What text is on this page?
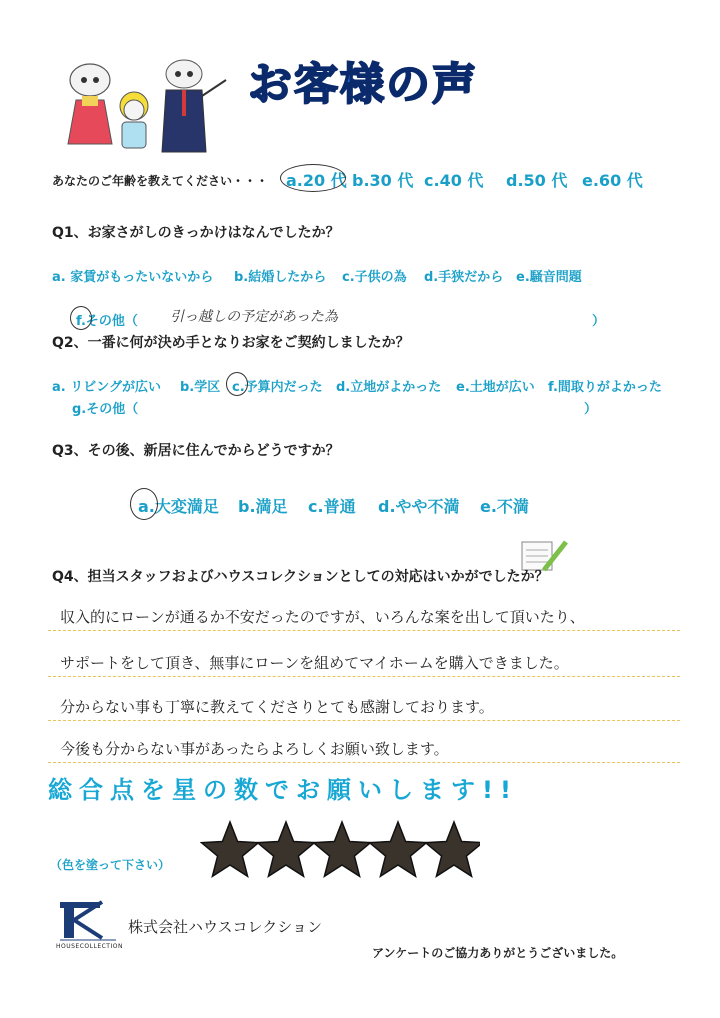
お客様の声
あなたのご年齢を教えてください・・・ a.20 代 b.30 代 c.40 代 d.50 代 e.60 代
Q1、お家さがしのきっかけはなんでしたか？
a. 家賃がもったいないから b.結婚したから c.子供の為 d.手狭だから e.騒音問題
f.その他（ 引っ越しの予定があった為	）
Q2、一番に何が決め手となりお家をご契約しましたか？
a. リビングが広い b.学区 c.予算内だった d.立地がよかった e.土地が広い f.間取りがよかった
g.その他（	）
Q3、その後、新居に住んでからどうですか？
a.大変満足 b.満足 c.普通 d.やや不満 e.不満
Q4、担当スタッフおよびハウスコレクションとしての対応はいかがでしたか？
収入的にローンが通るか不安だったのですが、いろんな案を出して頂いたり、
サポートをして頂き、無事にローンを組めてマイホームを購入できました。
分からない事も丁寧に教えてくださりとても感謝しております。
今後も分からない事があったらよろしくお願い致します。
総合点を星の数でお願いします!!
（色を塗って下さい）
HOUSECOLLECTION
株式会社ハウスコレクション
アンケートのご協力ありがとうございました。
